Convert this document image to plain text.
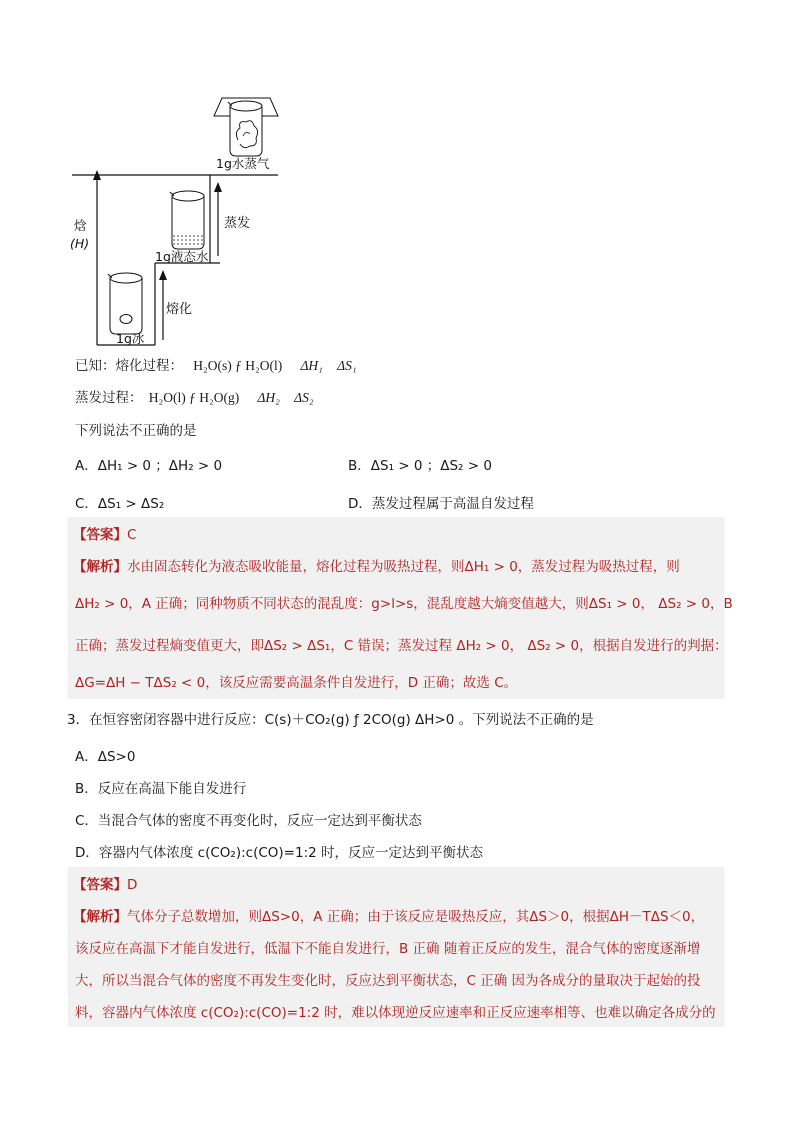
1g水蒸气
1g液态水
1g冰
焓
(H)
蒸发
熔化
已知：熔化过程： H₂O(s) ƒ H₂O(l) ΔH₁ ΔS₁
蒸发过程： H₂O(l) ƒ H₂O(g) ΔH₂ ΔS₂
下列说法不正确的是
A．ΔH₁ > 0 ；ΔH₂ > 0	B．ΔS₁ > 0 ；ΔS₂ > 0
C．ΔS₁ > ΔS₂	D．蒸发过程属于高温自发过程
【答案】C
【解析】水由固态转化为液态吸收能量，熔化过程为吸热过程，则ΔH₁ > 0，蒸发过程为吸热过程，则
ΔH₂ > 0，A 正确；同种物质不同状态的混乱度：g>l>s，混乱度越大熵变值越大，则ΔS₁ > 0， ΔS₂ > 0，B
正确；蒸发过程熵变值更大，即ΔS₂ > ΔS₁，C 错误；蒸发过程 ΔH₂ > 0， ΔS₂ > 0，根据自发进行的判据：
ΔG=ΔH − TΔS₂ < 0，该反应需要高温条件自发进行，D 正确；故选 C。
3．在恒容密闭容器中进行反应：C(s)＋CO₂(g) ƒ 2CO(g) ΔH>0 。下列说法不正确的是
A．ΔS>0
B．反应在高温下能自发进行
C．当混合气体的密度不再变化时，反应一定达到平衡状态
D．容器内气体浓度 c(CO₂):c(CO)=1:2 时，反应一定达到平衡状态
【答案】D
【解析】气体分子总数增加，则ΔS>0，A 正确；由于该反应是吸热反应，其ΔS＞0，根据ΔH－TΔS＜0，
该反应在高温下才能自发进行，低温下不能自发进行，B 正确 随着正反应的发生，混合气体的密度逐渐增
大，所以当混合气体的密度不再发生变化时，反应达到平衡状态，C 正确 因为各成分的量取决于起始的投
料，容器内气体浓度 c(CO₂):c(CO)=1:2 时，难以体现逆反应速率和正反应速率相等、也难以确定各成分的
